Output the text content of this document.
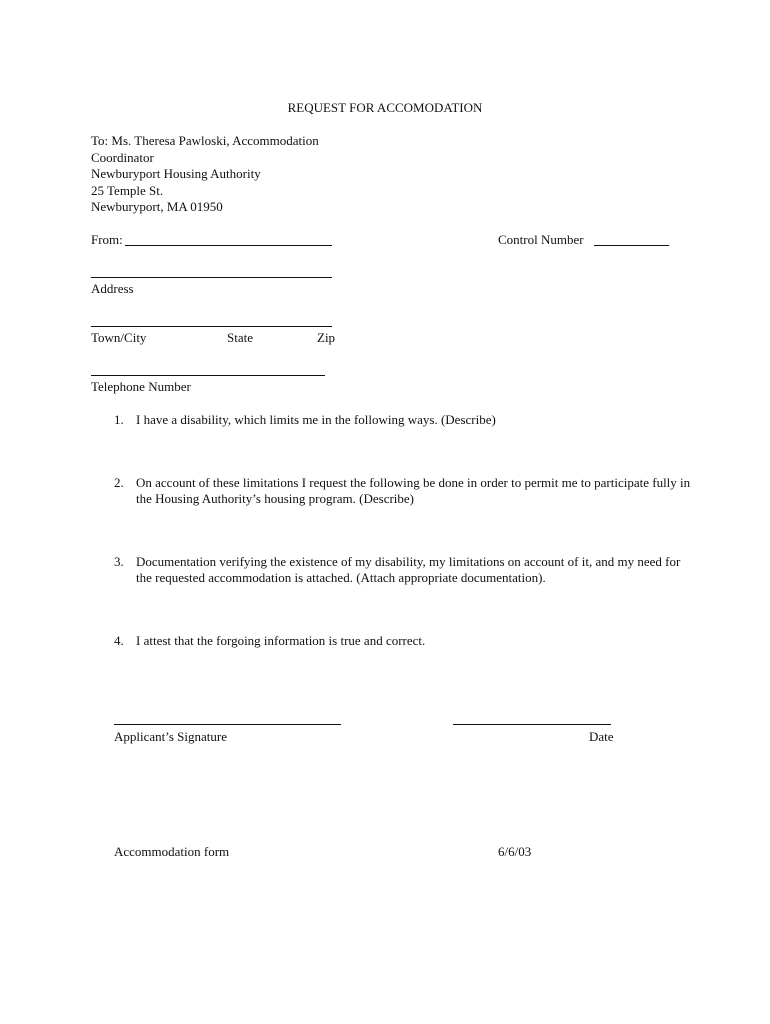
REQUEST FOR ACCOMODATION
To: Ms. Theresa Pawloski, Accommodation
Coordinator
Newburyport Housing Authority
25 Temple St.
Newburyport, MA 01950
From:	Control Number
Address
Town/City	State	Zip
Telephone Number
1. I have a disability, which limits me in the following ways. (Describe)
2. On account of these limitations I request the following be done in order to permit me to participate fully in the Housing Authority’s housing program. (Describe)
3. Documentation verifying the existence of my disability, my limitations on account of it, and my need for the requested accommodation is attached. (Attach appropriate documentation).
4. I attest that the forgoing information is true and correct.
Applicant’s Signature	Date
Accommodation form	6/6/03
